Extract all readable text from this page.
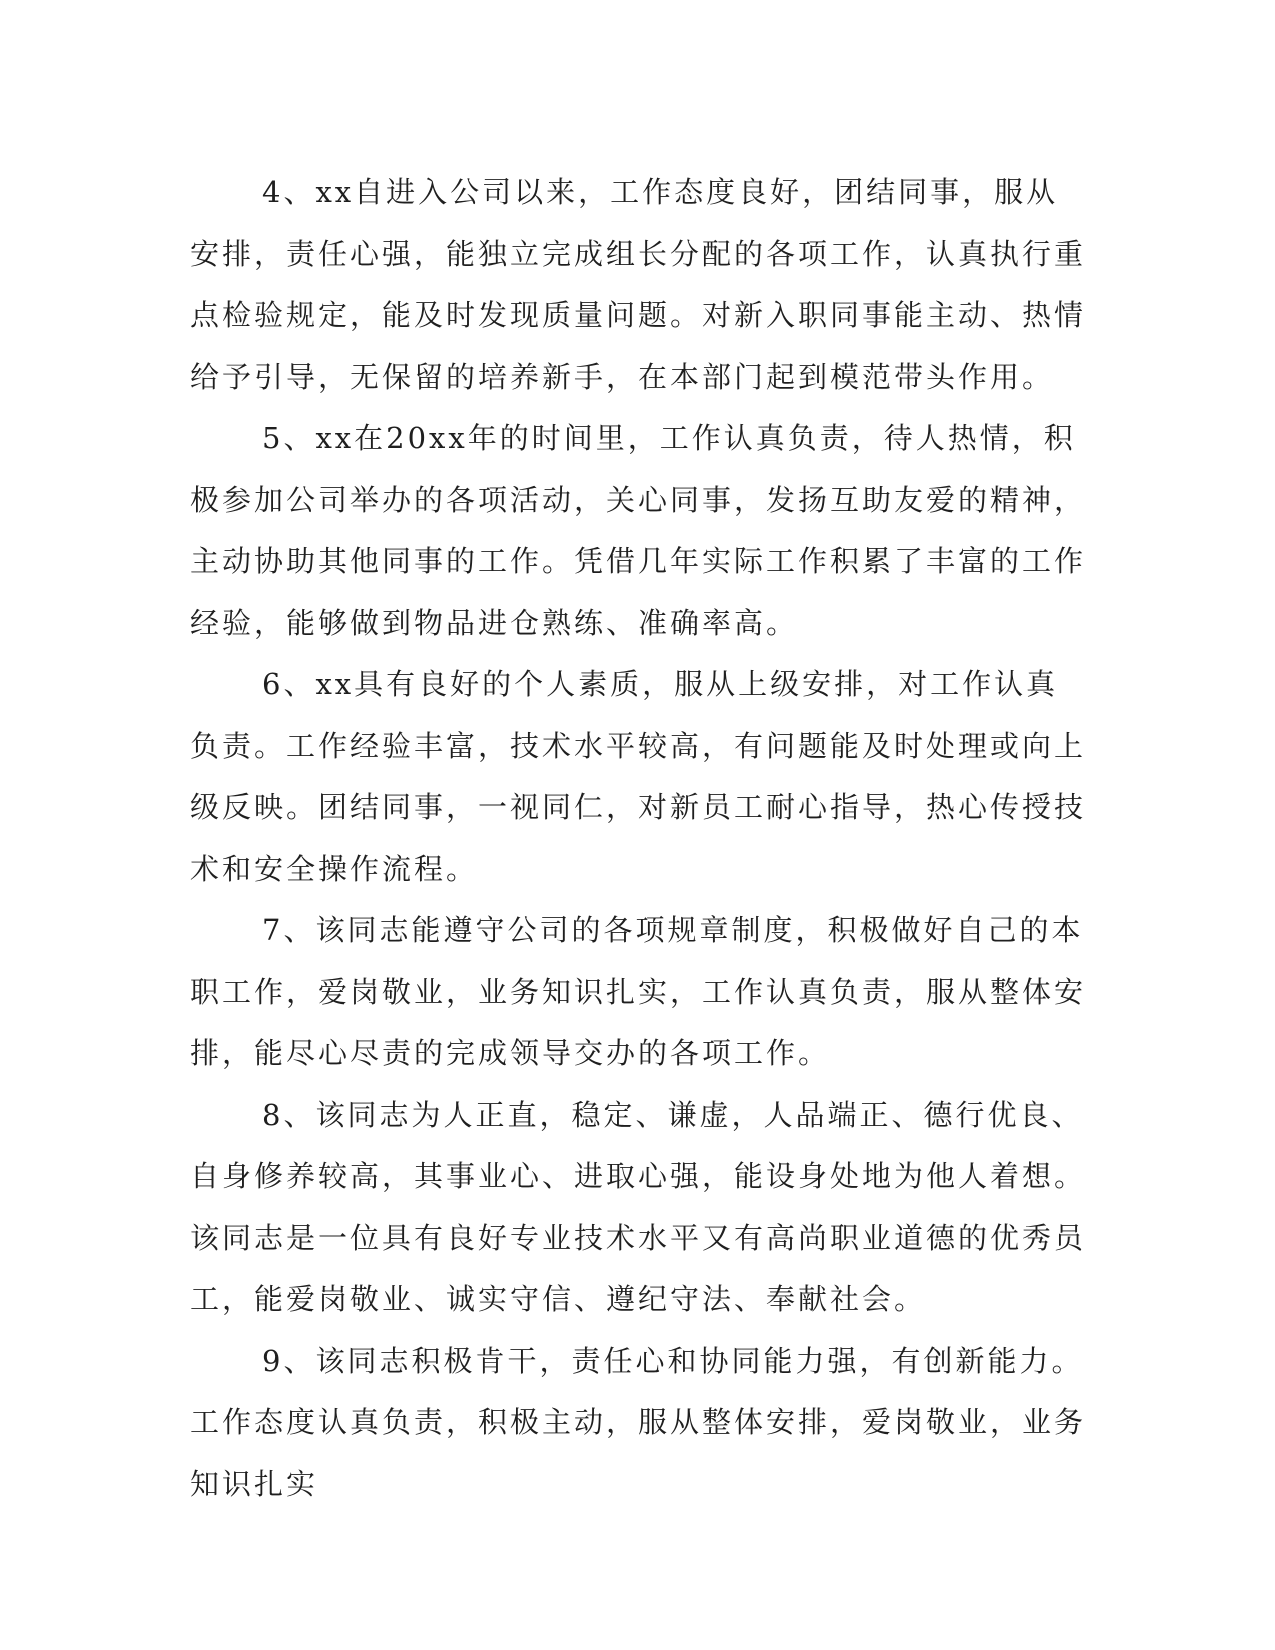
4、xx自进入公司以来，工作态度良好，团结同事，服从安排，责任心强，能独立完成组长分配的各项工作，认真执行重点检验规定，能及时发现质量问题。对新入职同事能主动、热情给予引导，无保留的培养新手，在本部门起到模范带头作用。

5、xx在20xx年的时间里，工作认真负责，待人热情，积极参加公司举办的各项活动，关心同事，发扬互助友爱的精神，主动协助其他同事的工作。凭借几年实际工作积累了丰富的工作经验，能够做到物品进仓熟练、准确率高。

6、xx具有良好的个人素质，服从上级安排，对工作认真负责。工作经验丰富，技术水平较高，有问题能及时处理或向上级反映。团结同事，一视同仁，对新员工耐心指导，热心传授技术和安全操作流程。

7、该同志能遵守公司的各项规章制度，积极做好自己的本职工作，爱岗敬业，业务知识扎实，工作认真负责，服从整体安排，能尽心尽责的完成领导交办的各项工作。

8、该同志为人正直，稳定、谦虚，人品端正、德行优良、自身修养较高，其事业心、进取心强，能设身处地为他人着想。该同志是一位具有良好专业技术水平又有高尚职业道德的优秀员工，能爱岗敬业、诚实守信、遵纪守法、奉献社会。

9、该同志积极肯干，责任心和协同能力强，有创新能力。工作态度认真负责，积极主动，服从整体安排，爱岗敬业，业务知识扎实
